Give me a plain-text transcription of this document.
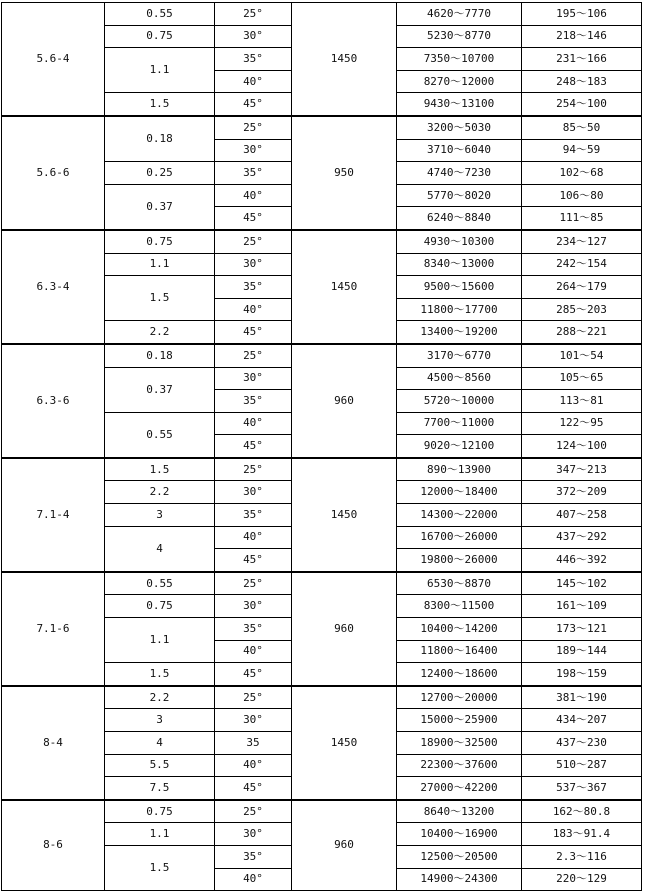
5.6-4	0.55	25°	1450	4620～7770	195～106
	0.75	30°		5230～8770	218～146
	1.1	35°		7350～10700	231～166
		40°		8270～12000	248～183
	1.5	45°		9430～13100	254～100
5.6-6	0.18	25°	950	3200～5030	85～50
		30°		3710～6040	94～59
	0.25	35°		4740～7230	102～68
	0.37	40°		5770～8020	106～80
		45°		6240～8840	111～85
6.3-4	0.75	25°	1450	4930～10300	234～127
	1.1	30°		8340～13000	242～154
	1.5	35°		9500～15600	264～179
		40°		11800～17700	285～203
	2.2	45°		13400～19200	288～221
6.3-6	0.18	25°	960	3170～6770	101～54
	0.37	30°		4500～8560	105～65
		35°		5720～10000	113～81
	0.55	40°		7700～11000	122～95
		45°		9020～12100	124～100
7.1-4	1.5	25°	1450	890～13900	347～213
	2.2	30°		12000～18400	372～209
	3	35°		14300～22000	407～258
	4	40°		16700～26000	437～292
		45°		19800～26000	446～392
7.1-6	0.55	25°	960	6530～8870	145～102
	0.75	30°		8300～11500	161～109
	1.1	35°		10400～14200	173～121
		40°		11800～16400	189～144
	1.5	45°		12400～18600	198～159
8-4	2.2	25°	1450	12700～20000	381～190
	3	30°		15000～25900	434～207
	4	35		18900～32500	437～230
	5.5	40°		22300～37600	510～287
	7.5	45°		27000～42200	537～367
8-6	0.75	25°	960	8640～13200	162～80.8
	1.1	30°		10400～16900	183～91.4
	1.5	35°		12500～20500	2.3～116
		40°		14900～24300	220～129
